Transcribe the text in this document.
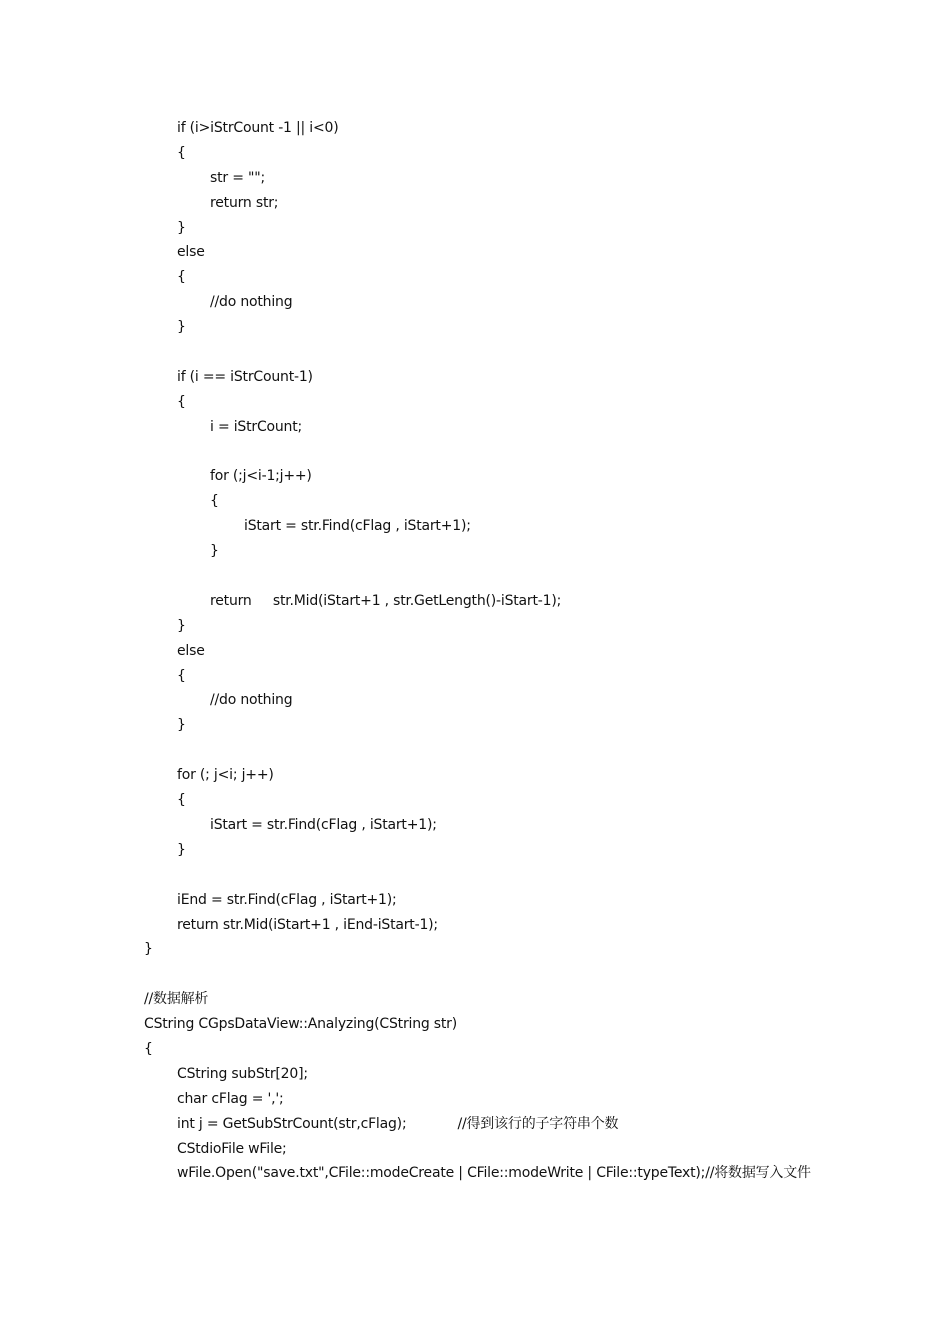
if (i>iStrCount -1 || i<0)
{
str = "";
return str;
}
else
{
//do nothing
}
if (i == iStrCount-1)
{
i = iStrCount;
for (;j<i-1;j++)
{
iStart = str.Find(cFlag , iStart+1);
}
return     str.Mid(iStart+1 , str.GetLength()-iStart-1);
}
else
{
//do nothing
}
for (; j<i; j++)
{
iStart = str.Find(cFlag , iStart+1);
}
iEnd = str.Find(cFlag , iStart+1);
return str.Mid(iStart+1 , iEnd-iStart-1);
}
//数据解析
CString CGpsDataView::Analyzing(CString str)
{
CString subStr[20];
char cFlag = ',';
int j = GetSubStrCount(str,cFlag);            //得到该行的子字符串个数
CStdioFile wFile;
wFile.Open("save.txt",CFile::modeCreate | CFile::modeWrite | CFile::typeText);//将数据写入文件
